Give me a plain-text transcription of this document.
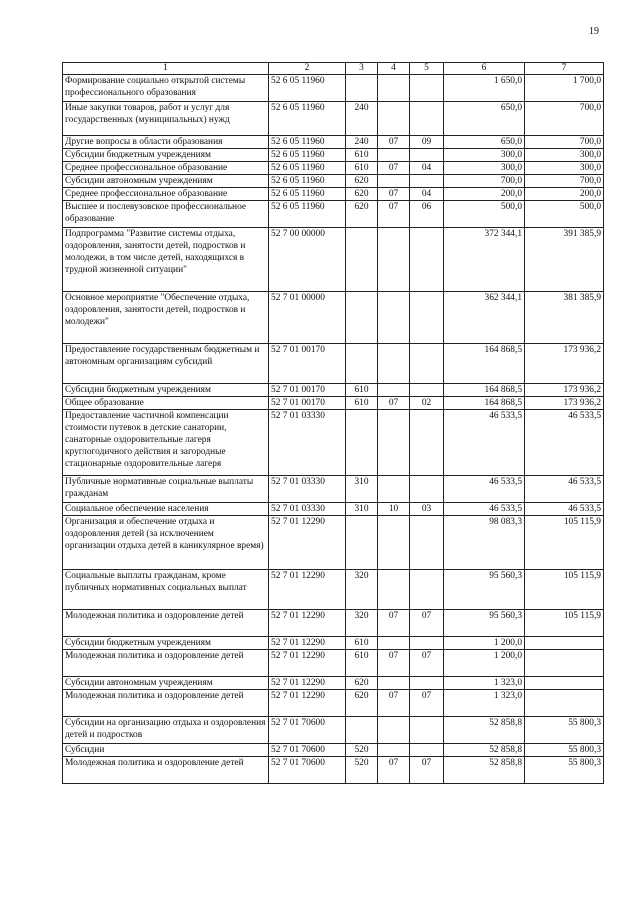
19
1	2	3	4	5	6	7
Формирование социально открытой системы профессионального образования	52 6 05 11960				1 650,0	1 700,0
Иные закупки товаров, работ и услуг для государственных (муниципальных) нужд	52 6 05 11960	240			650,0	700,0
Другие вопросы в области образования	52 6 05 11960	240	07	09	650,0	700,0
Субсидии бюджетным учреждениям	52 6 05 11960	610			300,0	300,0
Среднее профессиональное образование	52 6 05 11960	610	07	04	300,0	300,0
Субсидии автономным учреждениям	52 6 05 11960	620			700,0	700,0
Среднее профессиональное образование	52 6 05 11960	620	07	04	200,0	200,0
Высшее и послевузовское профессиональное образование	52 6 05 11960	620	07	06	500,0	500,0
Подпрограмма "Развитие системы отдыха, оздоровления, занятости детей, подростков и молодежи, в том числе детей, находящихся в трудной жизненной ситуации"	52 7 00 00000				372 344,1	391 385,9
Основное мероприятие "Обеспечение отдыха, оздоровления, занятости детей, подростков и молодежи"	52 7 01 00000				362 344,1	381 385,9
Предоставление государственным бюджетным и автономным организациям субсидий	52 7 01 00170				164 868,5	173 936,2
Субсидии бюджетным учреждениям	52 7 01 00170	610			164 868,5	173 936,2
Общее образование	52 7 01 00170	610	07	02	164 868,5	173 936,2
Предоставление частичной компенсации стоимости путевок в детские санатории, санаторные оздоровительные лагеря круглогодичного действия и загородные стационарные оздоровительные лагеря	52 7 01 03330				46 533,5	46 533,5
Публичные нормативные социальные выплаты гражданам	52 7 01 03330	310			46 533,5	46 533,5
Социальное обеспечение населения	52 7 01 03330	310	10	03	46 533,5	46 533,5
Организация и обеспечение отдыха и оздоровления детей (за исключением организации отдыха детей в каникулярное время)	52 7 01 12290				98 083,3	105 115,9
Социальные выплаты гражданам, кроме публичных нормативных социальных выплат	52 7 01 12290	320			95 560,3	105 115,9
Молодежная политика и оздоровление детей	52 7 01 12290	320	07	07	95 560,3	105 115,9
Субсидии бюджетным учреждениям	52 7 01 12290	610			1 200,0	
Молодежная политика и оздоровление детей	52 7 01 12290	610	07	07	1 200,0	
Субсидии автономным учреждениям	52 7 01 12290	620			1 323,0	
Молодежная политика и оздоровление детей	52 7 01 12290	620	07	07	1 323,0	
Субсидии на организацию отдыха и оздоровления детей и подростков	52 7 01 70600				52 858,8	55 800,3
Субсидии	52 7 01 70600	520			52 858,8	55 800,3
Молодежная политика и оздоровление детей	52 7 01 70600	520	07	07	52 858,8	55 800,3
